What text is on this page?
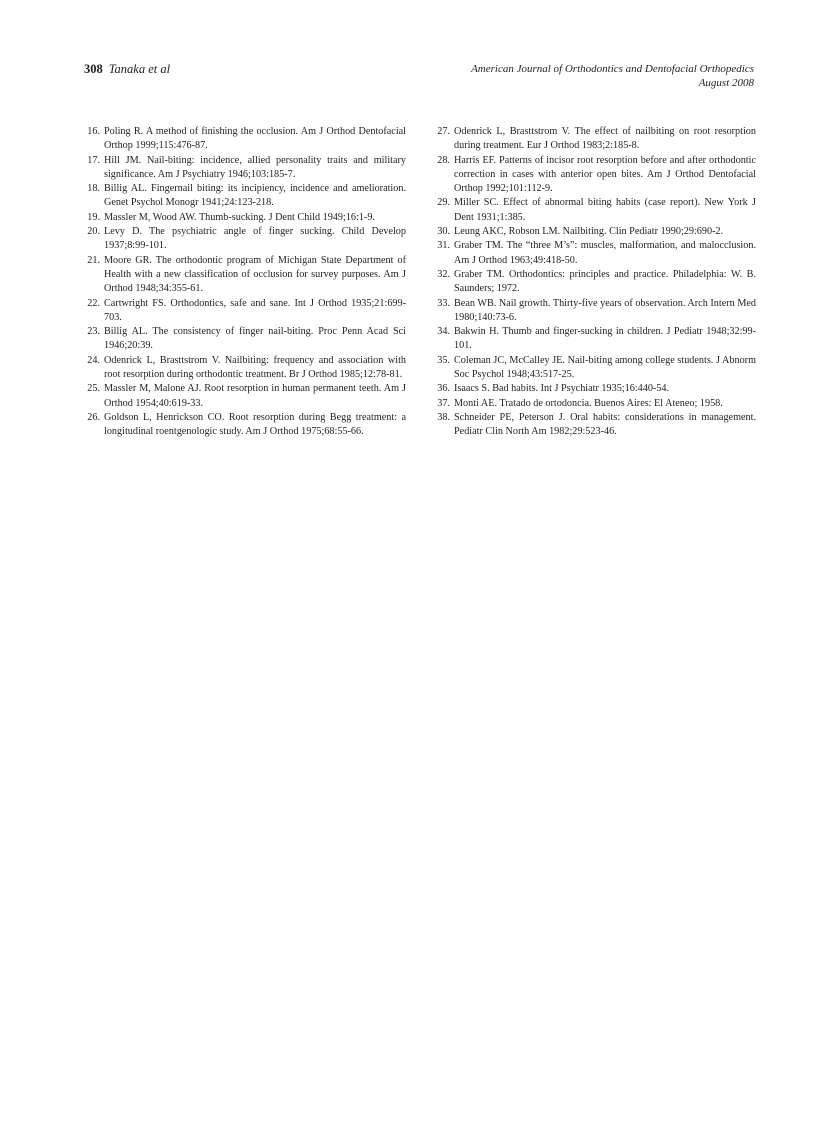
308 Tanaka et al	American Journal of Orthodontics and Dentofacial Orthopedics
August 2008
16. Poling R. A method of finishing the occlusion. Am J Orthod Dentofacial Orthop 1999;115:476-87.
17. Hill JM. Nail-biting: incidence, allied personality traits and military significance. Am J Psychiatry 1946;103:185-7.
18. Billig AL. Fingernail biting: its incipiency, incidence and amelioration. Genet Psychol Monogr 1941;24:123-218.
19. Massler M, Wood AW. Thumb-sucking. J Dent Child 1949;16:1-9.
20. Levy D. The psychiatric angle of finger sucking. Child Develop 1937;8:99-101.
21. Moore GR. The orthodontic program of Michigan State Department of Health with a new classification of occlusion for survey purposes. Am J Orthod 1948;34:355-61.
22. Cartwright FS. Orthodontics, safe and sane. Int J Orthod 1935;21:699-703.
23. Billig AL. The consistency of finger nail-biting. Proc Penn Acad Sci 1946;20:39.
24. Odenrick L, Brasttstrom V. Nailbiting: frequency and association with root resorption during orthodontic treatment. Br J Orthod 1985;12:78-81.
25. Massler M, Malone AJ. Root resorption in human permanent teeth. Am J Orthod 1954;40:619-33.
26. Goldson L, Henrickson CO. Root resorption during Begg treatment: a longitudinal roentgenologic study. Am J Orthod 1975;68:55-66.
27. Odenrick L, Brasttstrom V. The effect of nailbiting on root resorption during treatment. Eur J Orthod 1983;2:185-8.
28. Harris EF. Patterns of incisor root resorption before and after orthodontic correction in cases with anterior open bites. Am J Orthod Dentofacial Orthop 1992;101:112-9.
29. Miller SC. Effect of abnormal biting habits (case report). New York J Dent 1931;1:385.
30. Leung AKC, Robson LM. Nailbiting. Clin Pediatr 1990;29:690-2.
31. Graber TM. The “three M’s”: muscles, malformation, and malocclusion. Am J Orthod 1963;49:418-50.
32. Graber TM. Orthodontics: principles and practice. Philadelphia: W. B. Saunders; 1972.
33. Bean WB. Nail growth. Thirty-five years of observation. Arch Intern Med 1980;140:73-6.
34. Bakwin H. Thumb and finger-sucking in children. J Pediatr 1948;32:99-101.
35. Coleman JC, McCalley JE. Nail-biting among college students. J Abnorm Soc Psychol 1948;43:517-25.
36. Isaacs S. Bad habits. Int J Psychiatr 1935;16:440-54.
37. Monti AE. Tratado de ortodoncia. Buenos Aires: El Ateneo; 1958.
38. Schneider PE, Peterson J. Oral habits: considerations in management. Pediatr Clin North Am 1982;29:523-46.
